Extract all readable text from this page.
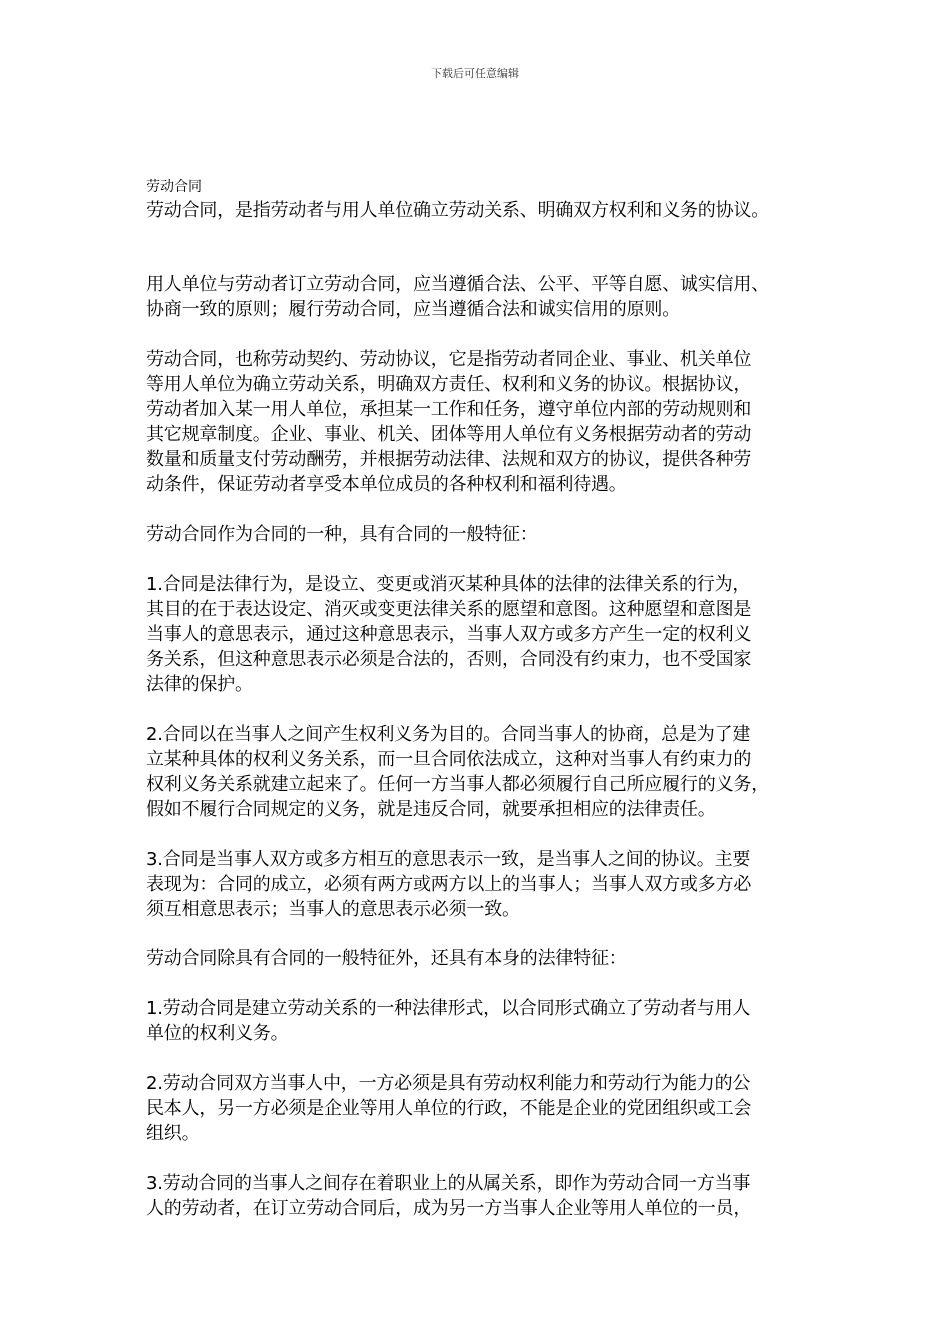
下载后可任意编辑
劳动合同
劳动合同，是指劳动者与用人单位确立劳动关系、明确双方权利和义务的协议。
用人单位与劳动者订立劳动合同，应当遵循合法、公平、平等自愿、诚实信用、
协商一致的原则；履行劳动合同，应当遵循合法和诚实信用的原则。
劳动合同，也称劳动契约、劳动协议，它是指劳动者同企业、事业、机关单位
等用人单位为确立劳动关系，明确双方责任、权利和义务的协议。根据协议，
劳动者加入某一用人单位，承担某一工作和任务，遵守单位内部的劳动规则和
其它规章制度。企业、事业、机关、团体等用人单位有义务根据劳动者的劳动
数量和质量支付劳动酬劳，并根据劳动法律、法规和双方的协议，提供各种劳
动条件，保证劳动者享受本单位成员的各种权利和福利待遇。
劳动合同作为合同的一种，具有合同的一般特征：
1.合同是法律行为，是设立、变更或消灭某种具体的法律的法律关系的行为，
其目的在于表达设定、消灭或变更法律关系的愿望和意图。这种愿望和意图是
当事人的意思表示，通过这种意思表示，当事人双方或多方产生一定的权利义
务关系，但这种意思表示必须是合法的，否则，合同没有约束力，也不受国家
法律的保护。
2.合同以在当事人之间产生权利义务为目的。合同当事人的协商，总是为了建
立某种具体的权利义务关系，而一旦合同依法成立，这种对当事人有约束力的
权利义务关系就建立起来了。任何一方当事人都必须履行自己所应履行的义务，
假如不履行合同规定的义务，就是违反合同，就要承担相应的法律责任。
3.合同是当事人双方或多方相互的意思表示一致，是当事人之间的协议。主要
表现为：合同的成立，必须有两方或两方以上的当事人；当事人双方或多方必
须互相意思表示；当事人的意思表示必须一致。
劳动合同除具有合同的一般特征外，还具有本身的法律特征：
1.劳动合同是建立劳动关系的一种法律形式，以合同形式确立了劳动者与用人
单位的权利义务。
2.劳动合同双方当事人中，一方必须是具有劳动权利能力和劳动行为能力的公
民本人，另一方必须是企业等用人单位的行政，不能是企业的党团组织或工会
组织。
3.劳动合同的当事人之间存在着职业上的从属关系，即作为劳动合同一方当事
人的劳动者，在订立劳动合同后，成为另一方当事人企业等用人单位的一员，
